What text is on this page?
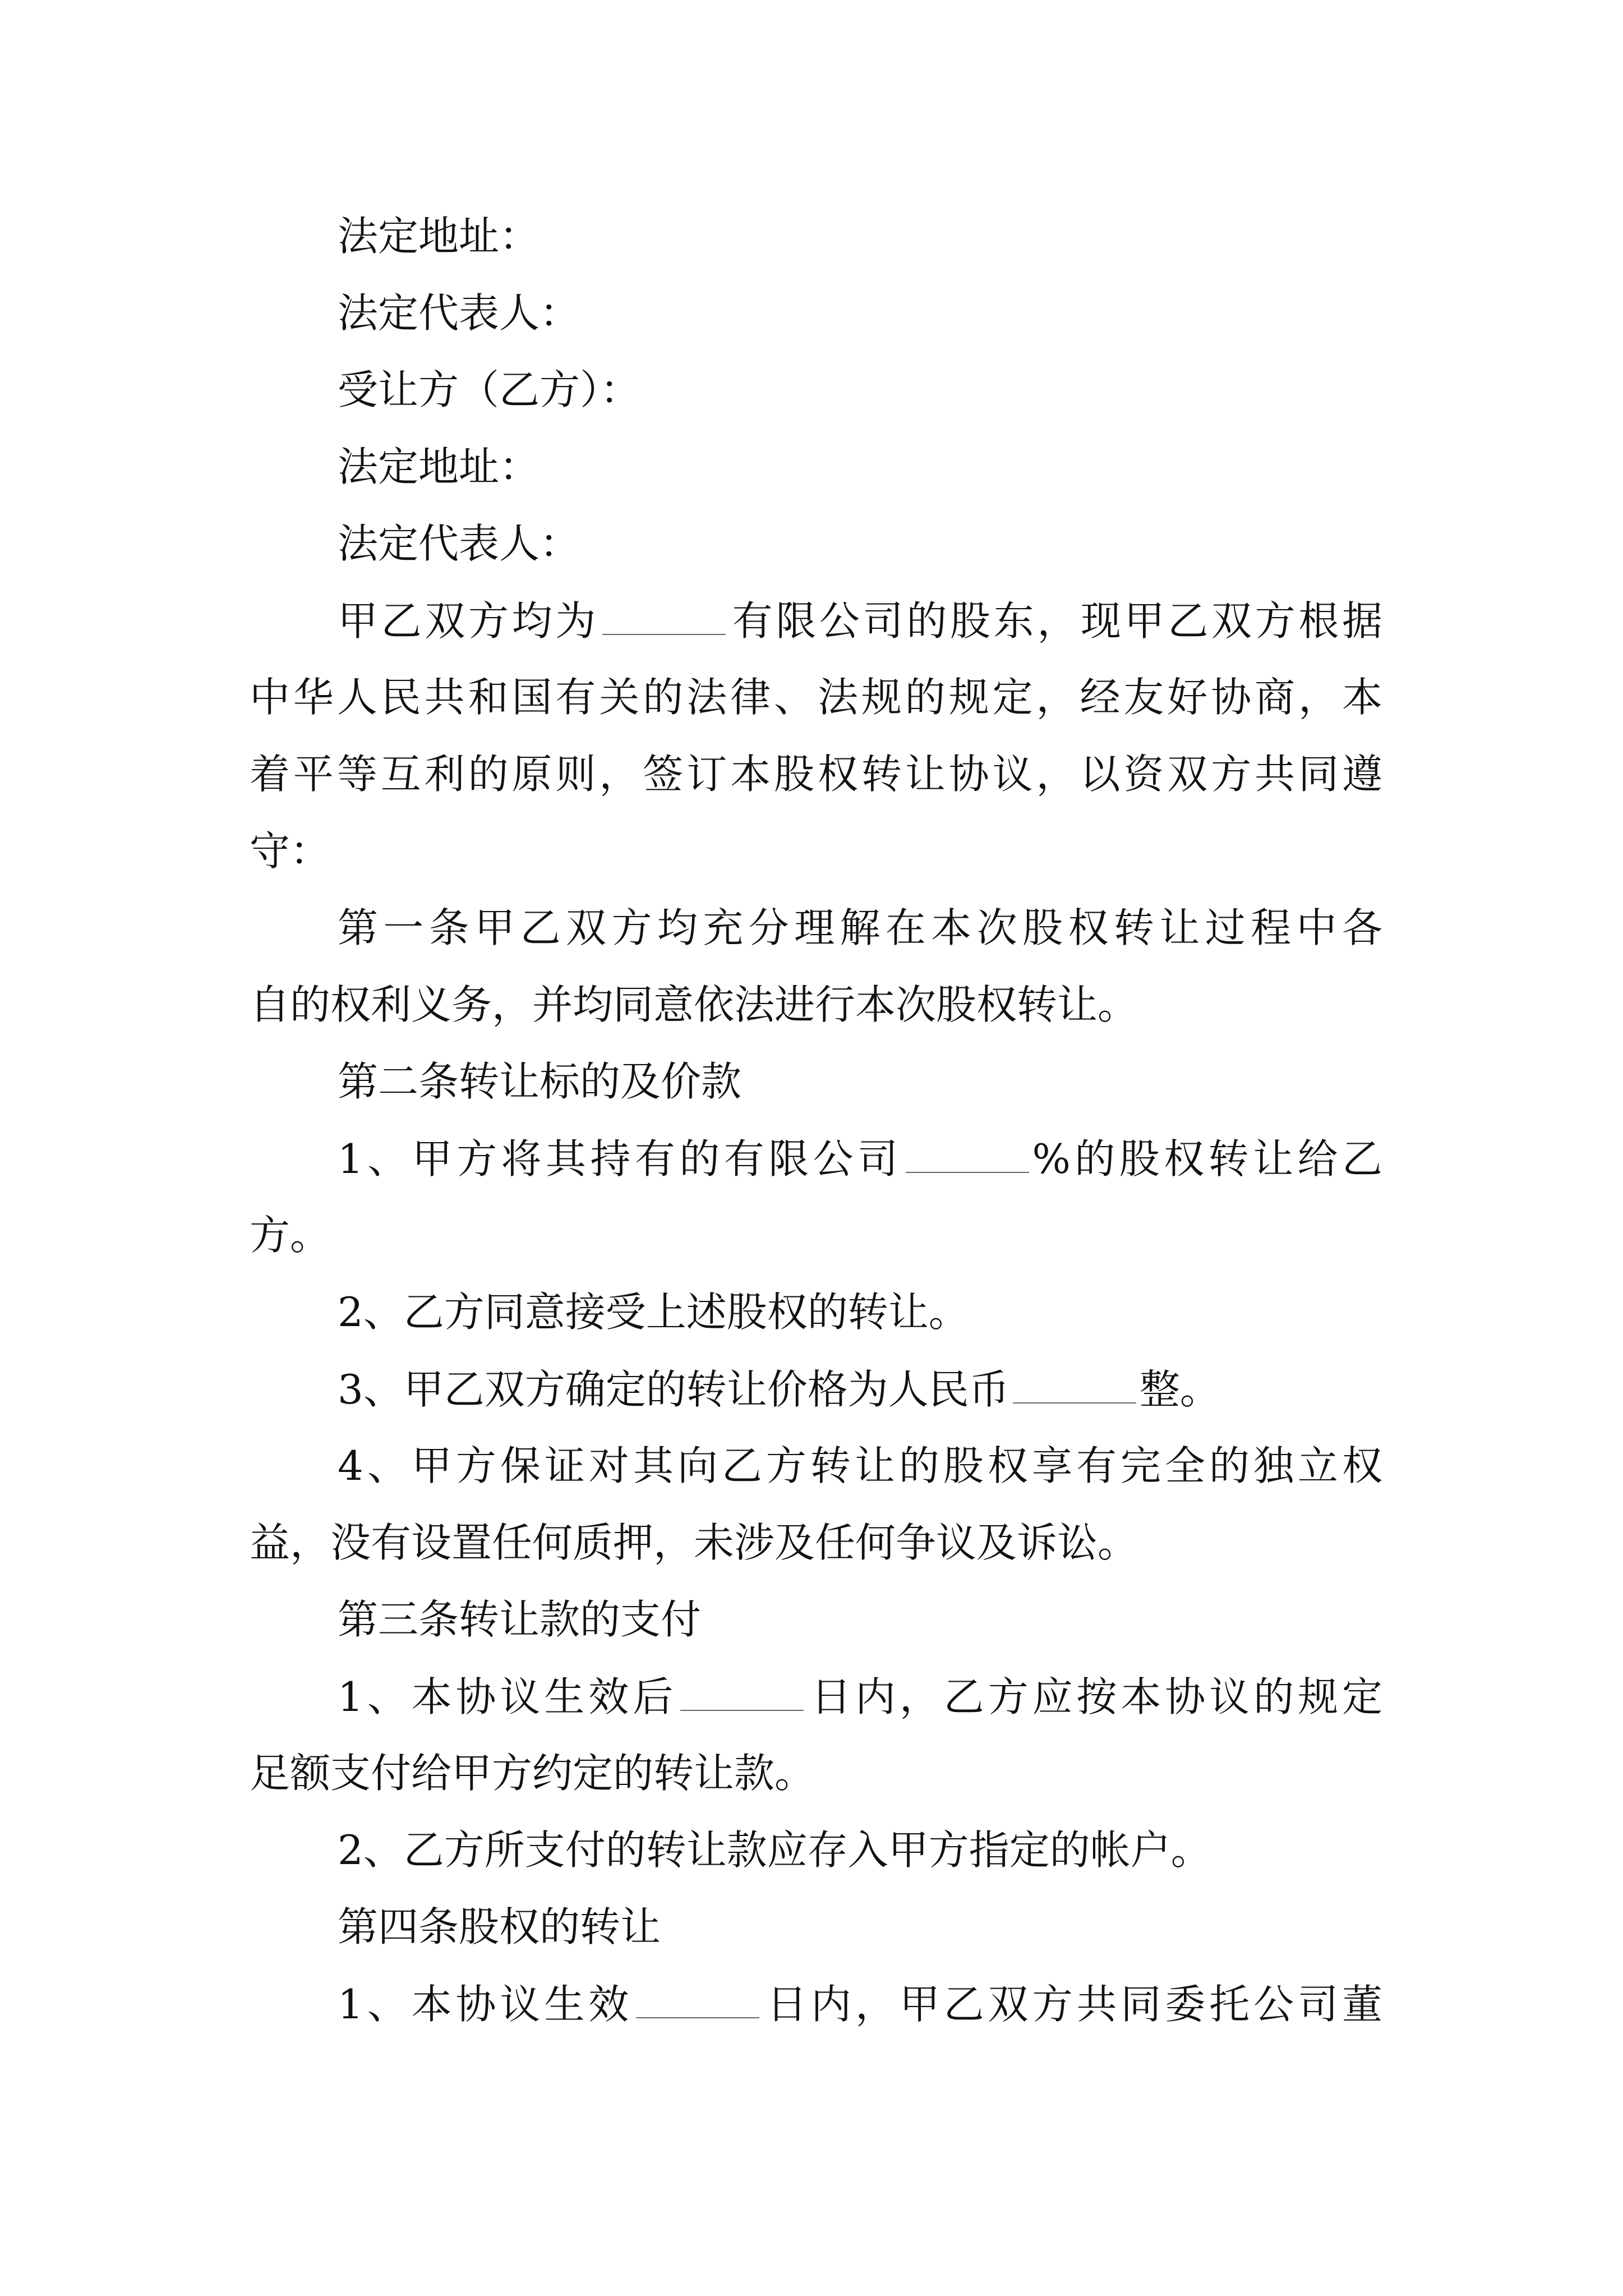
法定地址：
法定代表人：
受让方（乙方）：
法定地址：
法定代表人：
甲乙双方均为	有限公司的股东，现甲乙双方根据
中华人民共和国有关的法律、法规的规定，经友好协商，本
着平等互利的原则，签订本股权转让协议，以资双方共同遵
守：
第一条甲乙双方均充分理解在本次股权转让过程中各
自的权利义务，并均同意依法进行本次股权转让。
第二条转让标的及价款
1、甲方将其持有的有限公司	%的股权转让给乙
方。
2、乙方同意接受上述股权的转让。
3、甲乙双方确定的转让价格为人民币	整。
4、甲方保证对其向乙方转让的股权享有完全的独立权
益，没有设置任何质押，未涉及任何争议及诉讼。
第三条转让款的支付
1、本协议生效后	日内，乙方应按本协议的规定
足额支付给甲方约定的转让款。
2、乙方所支付的转让款应存入甲方指定的帐户。
第四条股权的转让
1、本协议生效	日内，甲乙双方共同委托公司董
